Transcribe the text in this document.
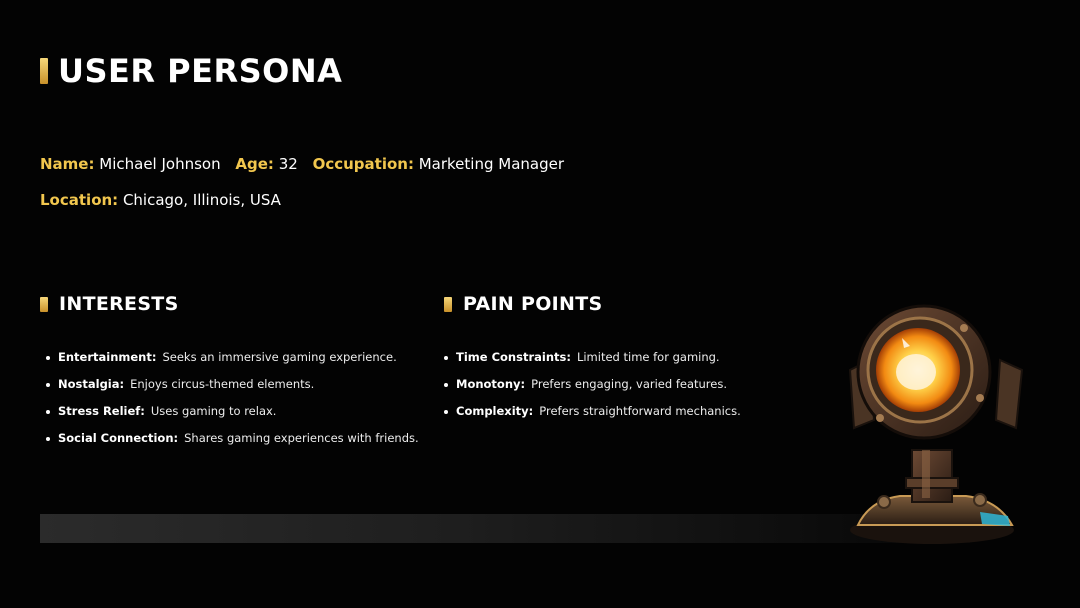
USER PERSONA
Name: Michael Johnson Age: 32 Occupation: Marketing Manager
Location: Chicago, Illinois, USA
INTERESTS
Entertainment: Seeks an immersive gaming experience.
Nostalgia: Enjoys circus-themed elements.
Stress Relief: Uses gaming to relax.
Social Connection: Shares gaming experiences with friends.
PAIN POINTS
Time Constraints: Limited time for gaming.
Monotony: Prefers engaging, varied features.
Complexity: Prefers straightforward mechanics.
